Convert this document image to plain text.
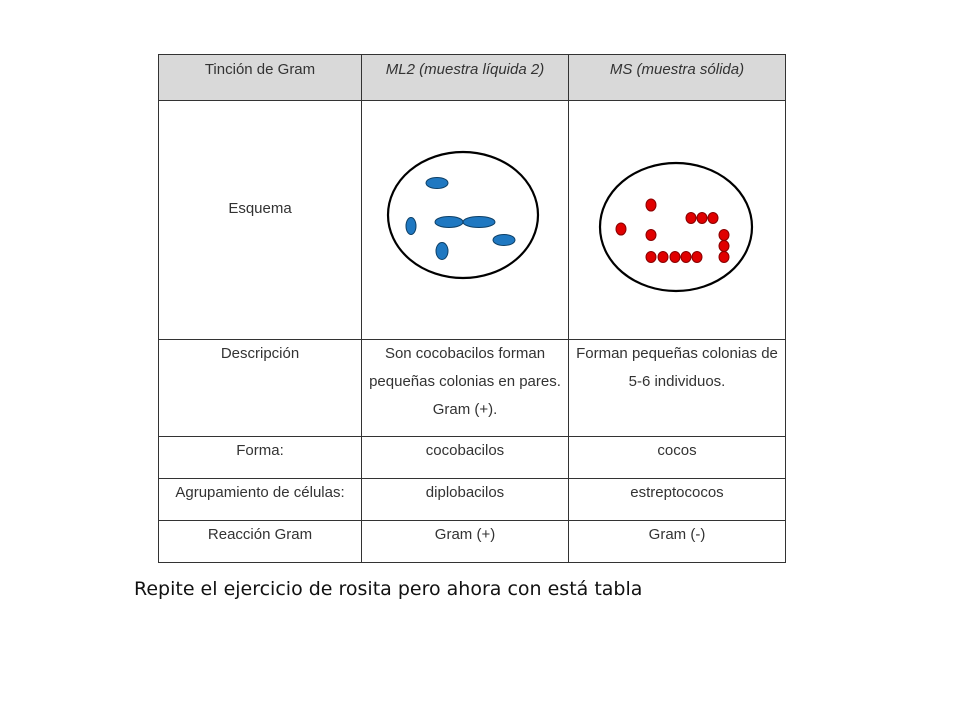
Tinción de Gram	ML2 (muestra líquida 2)	MS (muestra sólida)
Esquema	

Descripción	Son cocobacilos forman pequeñas colonias en pares. Gram (+).	Forman pequeñas colonias de 5-6 individuos.
Forma:	cocobacilos	cocos
Agrupamiento de células:	diplobacilos	estreptococos
Reacción Gram	Gram (+)	Gram (-)
Repite el ejercicio de rosita pero ahora con está tabla
